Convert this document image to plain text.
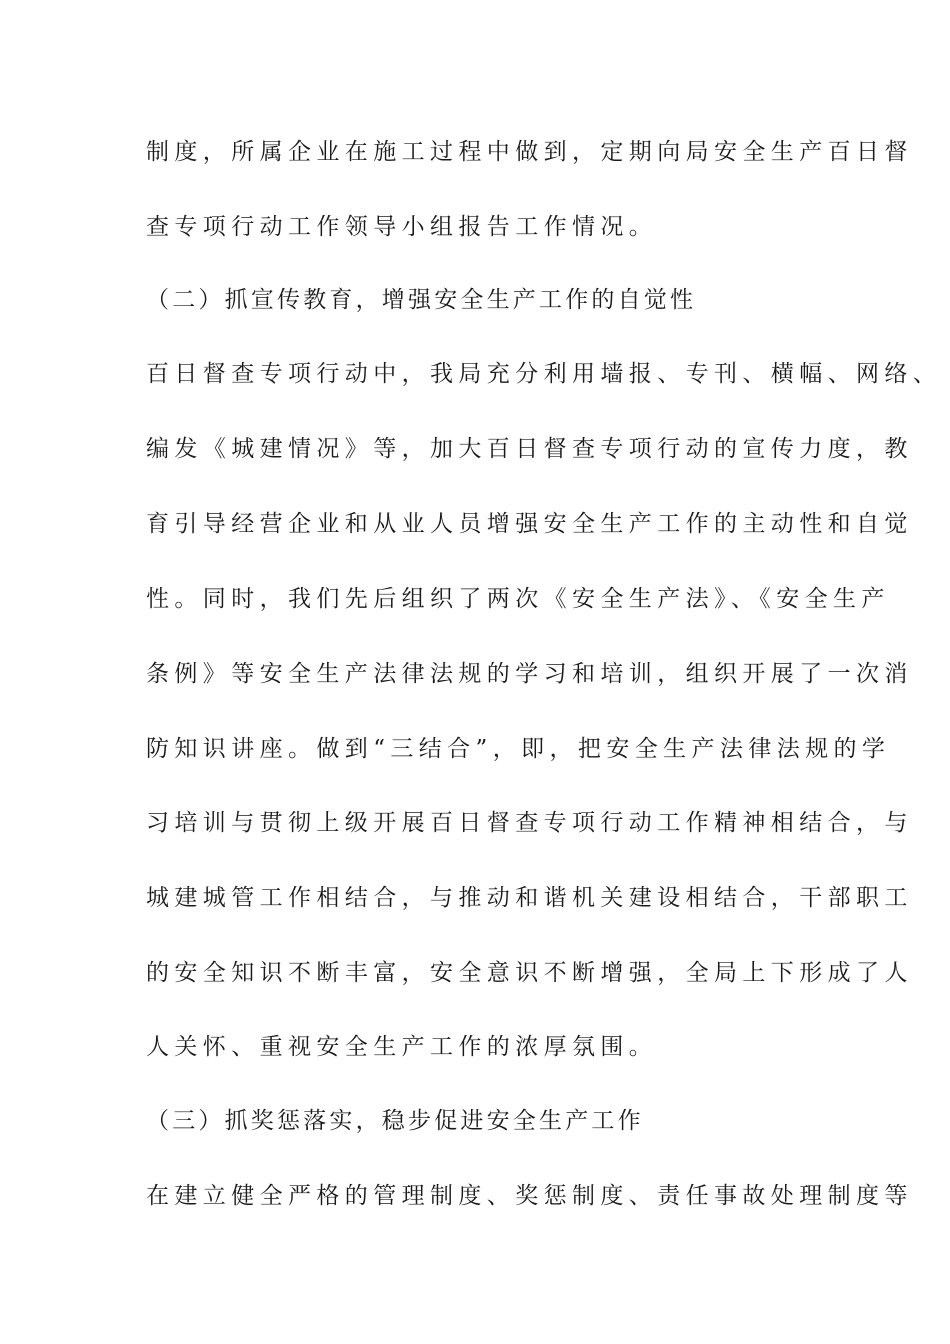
制度，所属企业在施工过程中做到，定期向局安全生产百日督

查专项行动工作领导小组报告工作情况。

（二）抓宣传教育，增强安全生产工作的自觉性

百日督查专项行动中，我局充分利用墙报、专刊、横幅、网络、

编发《城建情况》等，加大百日督查专项行动的宣传力度，教

育引导经营企业和从业人员增强安全生产工作的主动性和自觉

性。同时，我们先后组织了两次《安全生产法》、《安全生产

条例》等安全生产法律法规的学习和培训，组织开展了一次消

防知识讲座。做到“三结合”，即，把安全生产法律法规的学

习培训与贯彻上级开展百日督查专项行动工作精神相结合，与

城建城管工作相结合，与推动和谐机关建设相结合，干部职工

的安全知识不断丰富，安全意识不断增强，全局上下形成了人

人关怀、重视安全生产工作的浓厚氛围。

（三）抓奖惩落实，稳步促进安全生产工作

在建立健全严格的管理制度、奖惩制度、责任事故处理制度等
